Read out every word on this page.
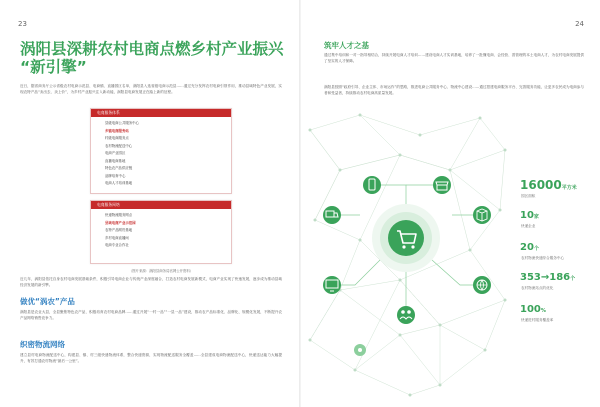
23
涡阳县深耕农村电商点燃乡村产业振兴
“新引擎”
近日，据省商务厅公示省级农村电商示范县、电商镇、直播园区名单，涡阳县入选省级电商示范县……通过充分发挥农村电商引领作用，推动县域特色产业发展，实现农特产品“卖出去、卖上价”，为乡村产业振兴注入新动能，涡阳县电商发展正在踏上新的征程。
电商服务体系
县级电商公共服务中心
乡镇电商服务站
村级电商服务点
农村物流配送中心
电商产业园区
直播电商基地
特色农产品供应链
品牌培育中心
电商人才培训基地
电商服务网络
快递物流服务网点
县域电商产业示范园
农特产品网货基地
乡村电商直播间
电商专业合作社
（图片来源：涡阳县商务局官网公开资料）
近几年，涡阳县依托自身农村电商发展基础条件，积极引导电商企业与传统产业深度融合，打造农村电商发展新模式，电商产业实现了快速发展，逐步成为推动县域经济发展的新引擎。
做优“涡农”产品
涡阳县是农业大县，全县聚焦特色农产品，积极培育农村电商品牌……通过开展“一村一品”“一县一品”建设，推动农产品标准化、品牌化、规模化发展，不断提升农产品网络销售竞争力。
织密物流网络
建立县村电商物流配送中心，构建县、镇、村三级快递物流体系，整合快递资源，实现物流配送服务全覆盖……全县建成电商物流配送中心，快递送达能力大幅提升，有效打通农村物流“最后一公里”。
24
筑牢人才之基
通过集中培训和一对一指导相结合，持续开展电商人才培训……建设电商人才实训基地，培养了一批懂电商、会经营、善管理的本土电商人才，为农村电商发展提供了坚实的人才保障。
涡阳县按照“政府引导、企业主体、市场运作”的思路，推进电商公共服务中心、物流中心建设……通过搭建电商服务平台、完善服务功能，让更多农民成为电商参与者和受益者，持续推动农村电商高质量发展。
16000平方米
园区面积
10家
快递企业
20个
农村物流快递综合服务中心
353→186个
农村物流站点的优化
100%
快递进村服务覆盖率
